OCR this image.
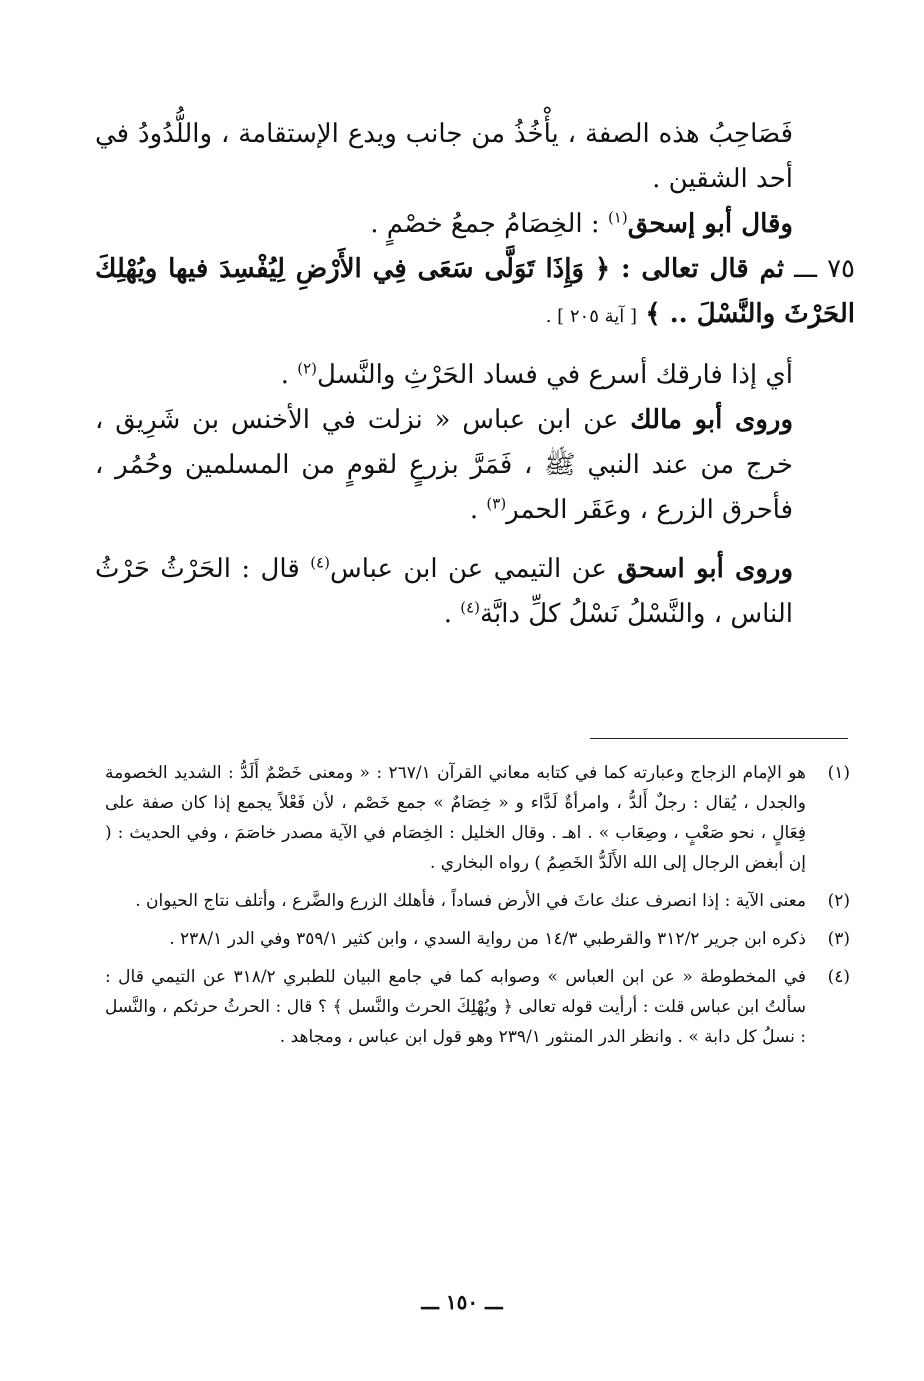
فَصَاحِبُ هذه الصفة ، يأْخُذُ من جانب ويدع الإستقامة ، واللُّدُودُ في أحد الشقين .

وقال أبو إسحق$^{(١)}$ : الخِصَامُ جمعُ خصْمٍ .

٧٥ ـــ ثم قال تعالى : ﴿ وَإِذَا تَوَلَّى سَعَى فِي الأَرْضِ لِيُفْسِدَ فيها ويُهْلِكَ الحَرْثَ والنَّسْلَ .. ﴾ [ آية ٢٠٥ ] .

أي إذا فارقك أسرع في فساد الحَرْثِ والنَّسل$^{(٢)}$ .

وروى أبو مالك عن ابن عباس « نزلت في الأخنس بن شَرِيق ، خرج من عند النبي ﷺ ، فَمَرَّ بزرعٍ لقومٍ من المسلمين وحُمُر ، فأحرق الزرع ، وعَقَر الحمر$^{(٣)}$ .

وروى أبو اسحق عن التيمي عن ابن عباس$^{(٤)}$ قال : الحَرْثُ حَرْثُ الناس ، والنَّسْلُ نَسْلُ كلِّ دابَّة$^{(٤)}$ .

(١)
هو الإمام الزجاج وعبارته كما في كتابه معاني القرآن ٢٦٧/١ : « ومعنى خَصْمٌ أَلَدُّ : الشديد الخصومة والجدل ، يُقال : رجلٌ أَلدُّ ، وامرأةٌ لَدَّاء و « خِصَامٌ » جمع خَصْم ، لأن فَعْلاً يجمع إذا كان صفة على فِعَالٍ ، نحو صَعْبٍ ، وصِعَاب » . اهـ . وقال الخليل : الخِصَام في الآية مصدر خاصَمَ ، وفي الحديث : ( إن أبغض الرجال إلى الله الأَلَدُّ الخَصِمُ ) رواه البخاري .
(٢)
معنى الآية : إذا انصرف عنك عاثَ في الأرض فساداً ، فأهلك الزرع والضَّرع ، وأتلف نتاج الحيوان .
(٣)
ذكره ابن جرير ٣١٢/٢ والقرطبي ١٤/٣ من رواية السدي ، وابن كثير ٣٥٩/١ وفي الدر ٢٣٨/١ .
(٤)
في المخطوطة « عن ابن العباس » وصوابه كما في جامع البيان للطبري ٣١٨/٢ عن التيمي قال : سألتُ ابن عباس قلت : أرأيت قوله تعالى ﴿ ويُهْلِكَ الحرث والنَّسل ﴾ ؟ قال : الحرثُ حرثكم ، والنَّسل : نسلُ كل دابة » . وانظر الدر المنثور ٢٣٩/١ وهو قول ابن عباس ، ومجاهد .
ـــ ١٥٠ ـــ
